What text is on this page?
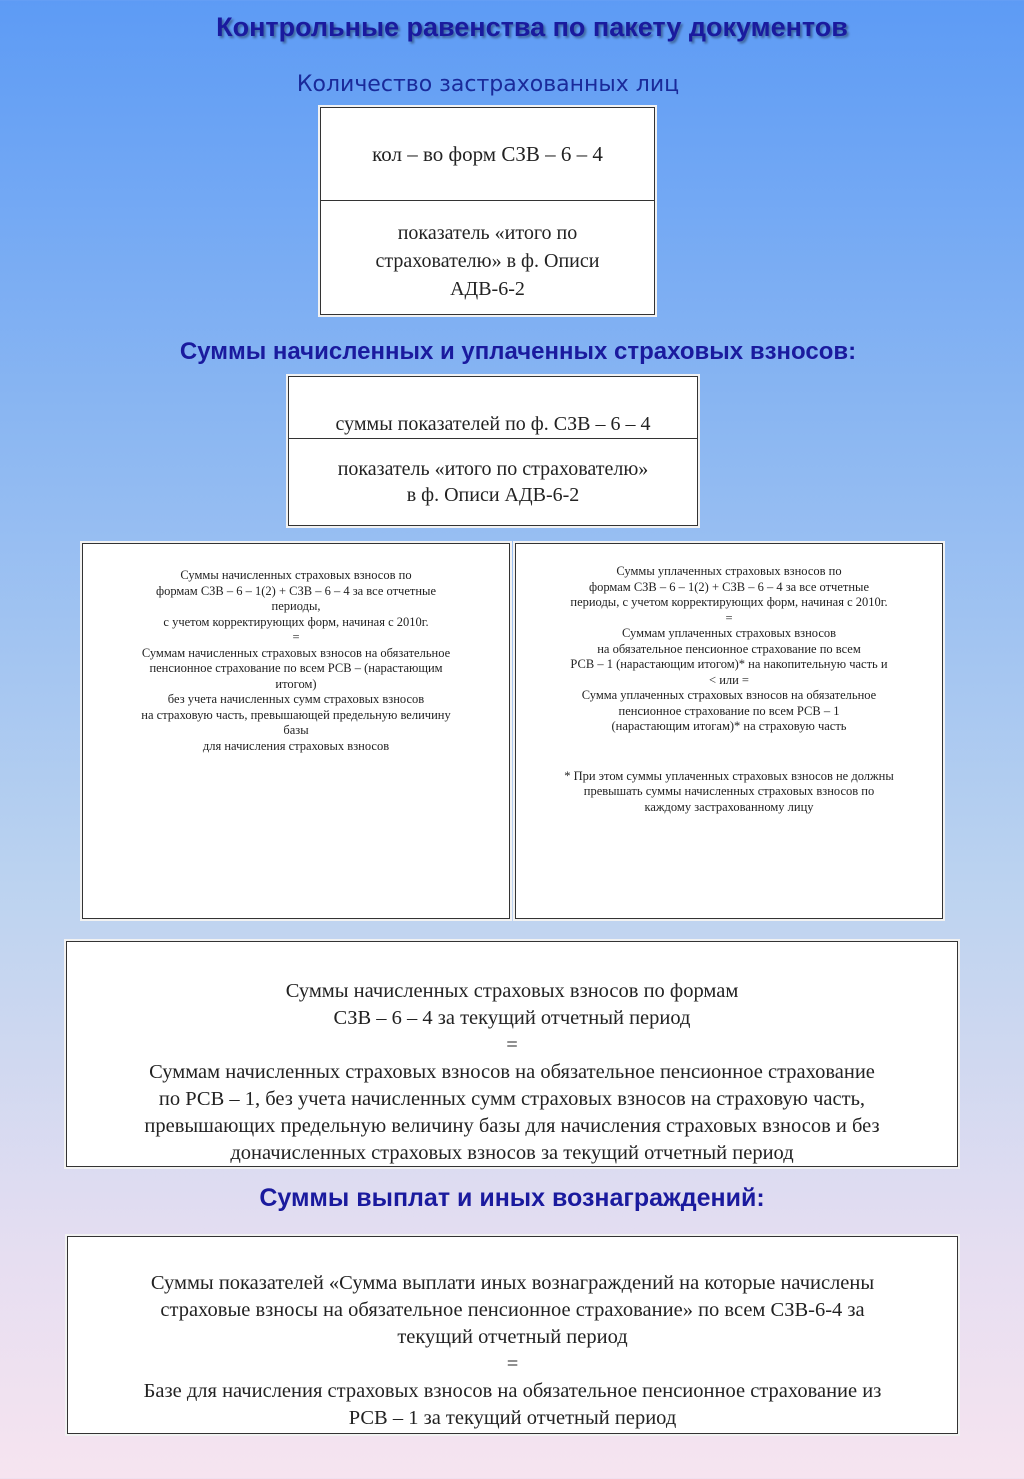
Контрольные равенства по пакету документов
Количество застрахованных лиц
кол – во форм СЗВ – 6 – 4
показатель «итого по
страхователю» в ф. Описи
АДВ-6-2
Суммы начисленных и уплаченных страховых взносов:
суммы показателей по ф. СЗВ – 6 – 4
показатель «итого по страхователю»
в ф. Описи АДВ-6-2
Суммы начисленных страховых взносов по
формам СЗВ – 6 – 1(2) + СЗВ – 6 – 4 за все отчетные
периоды,
с учетом корректирующих форм, начиная с 2010г.
=
Суммам начисленных страховых взносов на обязательное
пенсионное страхование по всем РСВ – (нарастающим
итогом)
без учета начисленных сумм страховых взносов
на страховую часть, превышающей предельную величину
базы
для начисления страховых взносов
Суммы уплаченных страховых взносов по
формам СЗВ – 6 – 1(2) + СЗВ – 6 – 4 за все отчетные
периоды, с учетом корректирующих форм, начиная с 2010г.
=
Суммам уплаченных страховых взносов
на обязательное пенсионное страхование по всем
РСВ – 1 (нарастающим итогом)* на накопительную часть и
< или =
Сумма уплаченных страховых взносов на обязательное
пенсионное страхование по всем РСВ – 1
(нарастающим итогам)* на страховую часть
* При этом суммы уплаченных страховых взносов не должны
превышать суммы начисленных страховых взносов по
каждому застрахованному лицу
Суммы начисленных страховых взносов по формам
СЗВ – 6 – 4 за текущий отчетный период
=
Суммам начисленных страховых взносов на обязательное пенсионное страхование
по РСВ – 1, без учета начисленных сумм страховых взносов на страховую часть,
превышающих предельную величину базы для начисления страховых взносов и без
доначисленных страховых взносов за текущий отчетный период
Суммы выплат и иных вознаграждений:
Суммы показателей «Сумма выплати иных вознаграждений на которые начислены
страховые взносы на обязательное пенсионное страхование» по всем СЗВ-6-4 за
текущий отчетный период
=
Базе для начисления страховых взносов на обязательное пенсионное страхование из
РСВ – 1 за текущий отчетный период
